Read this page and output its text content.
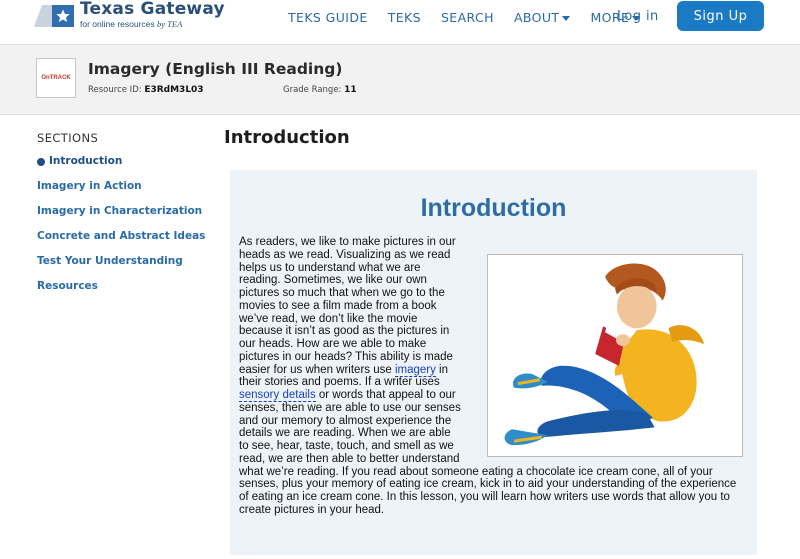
Texas Gateway
for online resources by TEA	TEKS GUIDE TEKS SEARCH ABOUT	MORE
Log in	Sign Up
OnTRACK Imagery (English III Reading)
Resource ID: E3RdM3L03	Grade Range: 11
SECTIONS
Introduction
Imagery in Action
Imagery in Characterization
Concrete and Abstract Ideas
Test Your Understanding
Resources
Introduction
Introduction
As readers, we like to make pictures in our heads as we read. Visualizing as we read helps us to understand what we are reading. Sometimes, we like our own pictures so much that when we go to the movies to see a film made from a book we’ve read, we don’t like the movie because it isn’t as good as the pictures in our heads. How are we able to make pictures in our heads? This ability is made easier for us when writers use imagery in their stories and poems. If a writer uses sensory details or words that appeal to our senses, then we are able to use our senses and our memory to almost experience the details we are reading. When we are able to see, hear, taste, touch, and smell as we read, we are then able to better understand what we’re reading. If you read about someone eating a chocolate ice cream cone, all of your senses, plus your memory of eating ice cream, kick in to aid your understanding of the experience of eating an ice cream cone. In this lesson, you will learn how writers use words that allow you to create pictures in your head.
